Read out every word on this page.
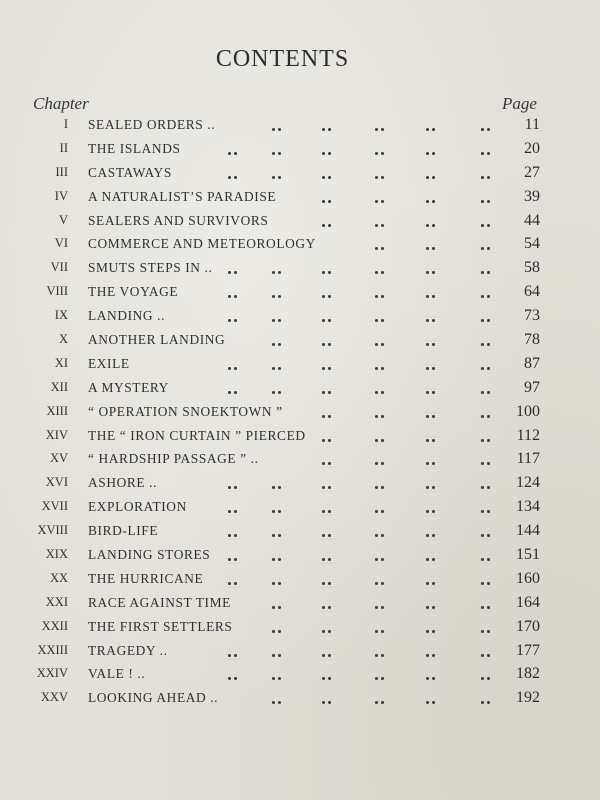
CONTENTS
Chapter	Page
I SEALED ORDERS ..	11
II THE ISLANDS	20
III CASTAWAYS	27
IV A NATURALIST’S PARADISE	39
V SEALERS AND SURVIVORS	44
VI COMMERCE AND METEOROLOGY	54
VII SMUTS STEPS IN ..	58
VIII THE VOYAGE	64
IX LANDING ..	73
X ANOTHER LANDING	78
XI EXILE	87
XII A MYSTERY	97
XIII “ OPERATION SNOEKTOWN ”	100
XIV THE “ IRON CURTAIN ” PIERCED	112
XV “ HARDSHIP PASSAGE ” ..	117
XVI ASHORE ..	124
XVII EXPLORATION	134
XVIII BIRD-LIFE	144
XIX LANDING STORES	151
XX THE HURRICANE	160
XXI RACE AGAINST TIME	164
XXII THE FIRST SETTLERS	170
XXIII TRAGEDY ..	177
XXIV VALE ! ..	182
XXV LOOKING AHEAD ..	192
